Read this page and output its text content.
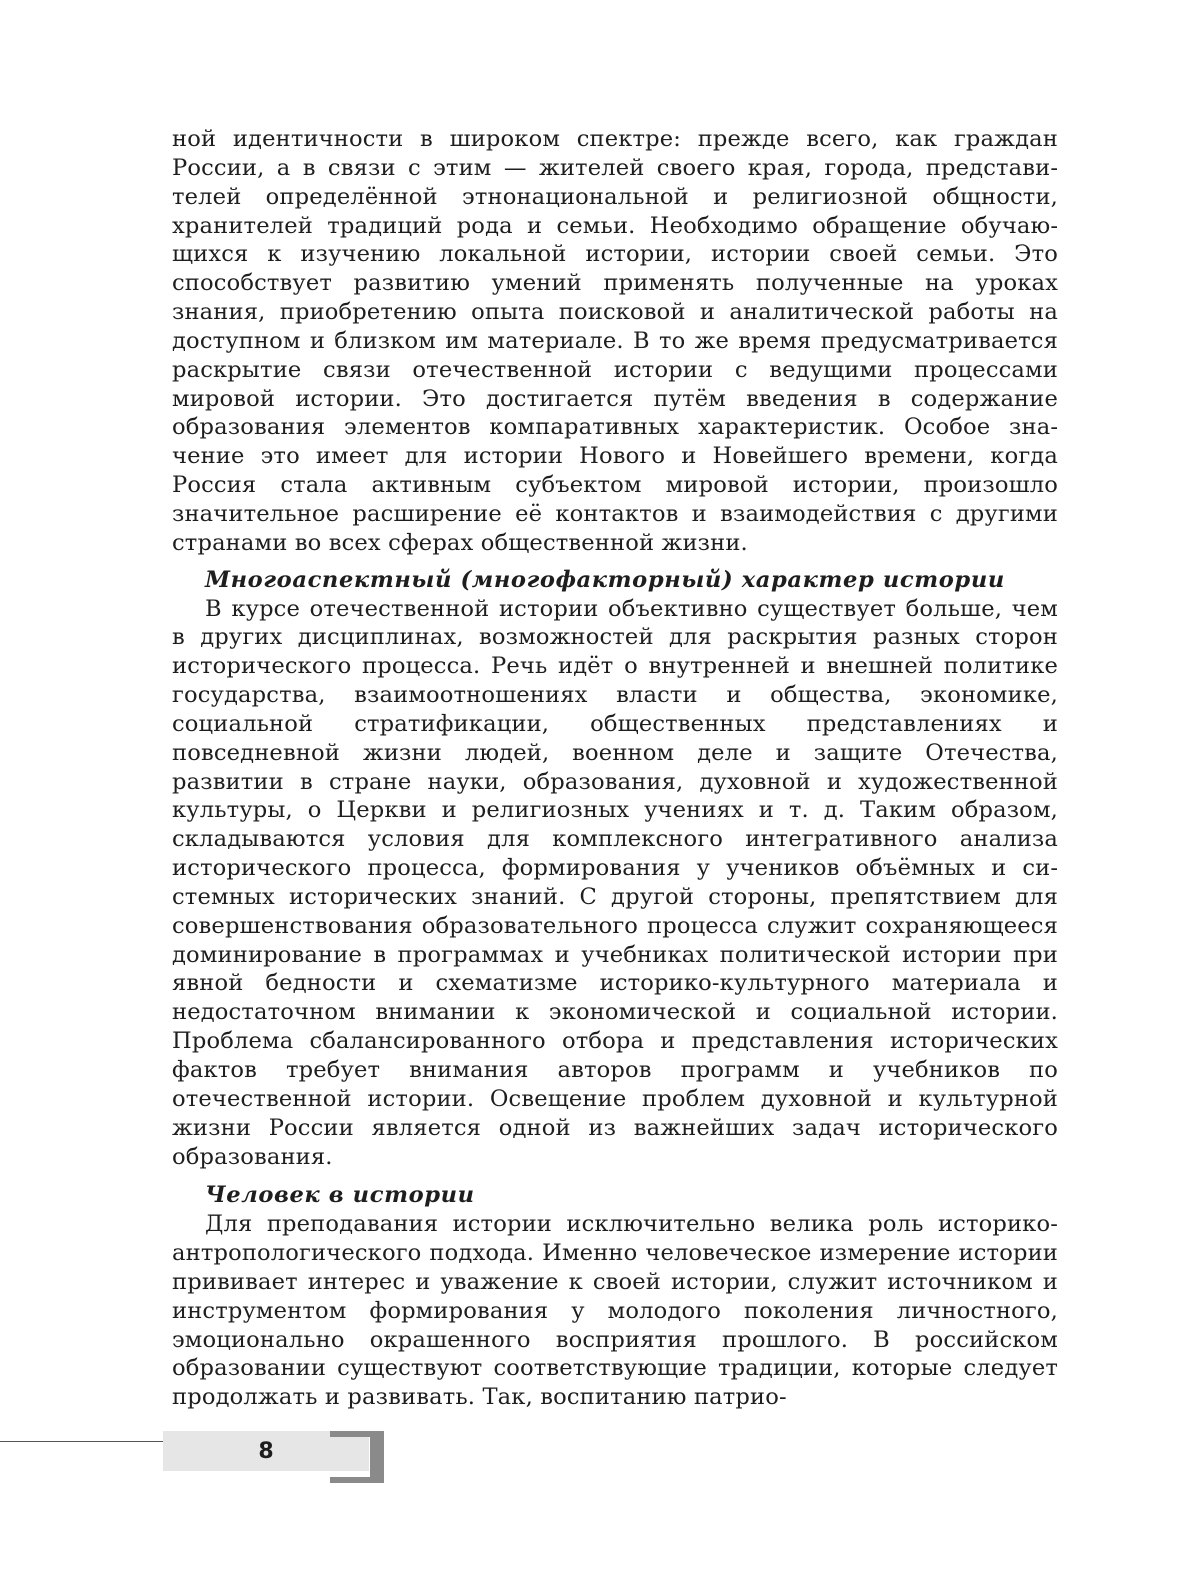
ной идентичности в широком спектре: прежде всего, как граждан России, а в связи с этим — жителей своего края, города, представителей определённой этнонациональной и религиозной общности, хранителей традиций рода и семьи. Необходимо обращение обучающихся к изучению локальной истории, истории своей семьи. Это способствует развитию умений применять полученные на уроках знания, приобретению опыта поисковой и аналитической работы на доступном и близком им материале. В то же время предусматривается раскрытие связи отечественной истории с ведущими процессами мировой истории. Это достигается путём введения в содержание образования элементов компаративных характеристик. Особое значение это имеет для истории Нового и Новейшего времени, когда Россия стала активным субъектом мировой истории, произошло значительное расширение её контактов и взаимодействия с другими странами во всех сферах общественной жизни.

Многоаспектный (многофакторный) характер истории

В курсе отечественной истории объективно существует больше, чем в других дисциплинах, возможностей для раскрытия разных сторон исторического процесса. Речь идёт о внутренней и внешней политике государства, взаимоотношениях власти и общества, экономике, социальной стратификации, общественных представлениях и повседневной жизни людей, военном деле и защите Отечества, развитии в стране науки, образования, духовной и художественной культуры, о Церкви и религиозных учениях и т. д. Таким образом, складываются условия для комплексного интегративного анализа исторического процесса, формирования у учеников объёмных и системных исторических знаний. С другой стороны, препятствием для совершенствования образовательного процесса служит сохраняющееся доминирование в программах и учебниках политической истории при явной бедности и схематизме историко-культурного материала и недостаточном внимании к экономической и социальной истории. Проблема сбалансированного отбора и представления исторических фактов требует внимания авторов программ и учебников по отечественной истории. Освещение проблем духовной и культурной жизни России является одной из важнейших задач исторического образования.

Человек в истории

Для преподавания истории исключительно велика роль историко-антропологического подхода. Именно человеческое измерение истории прививает интерес и уважение к своей истории, служит источником и инструментом формирования у молодого поколения личностного, эмоционально окрашенного восприятия прошлого. В российском образовании существуют соответствующие традиции, которые следует продолжать и развивать. Так, воспитанию патрио-

8
